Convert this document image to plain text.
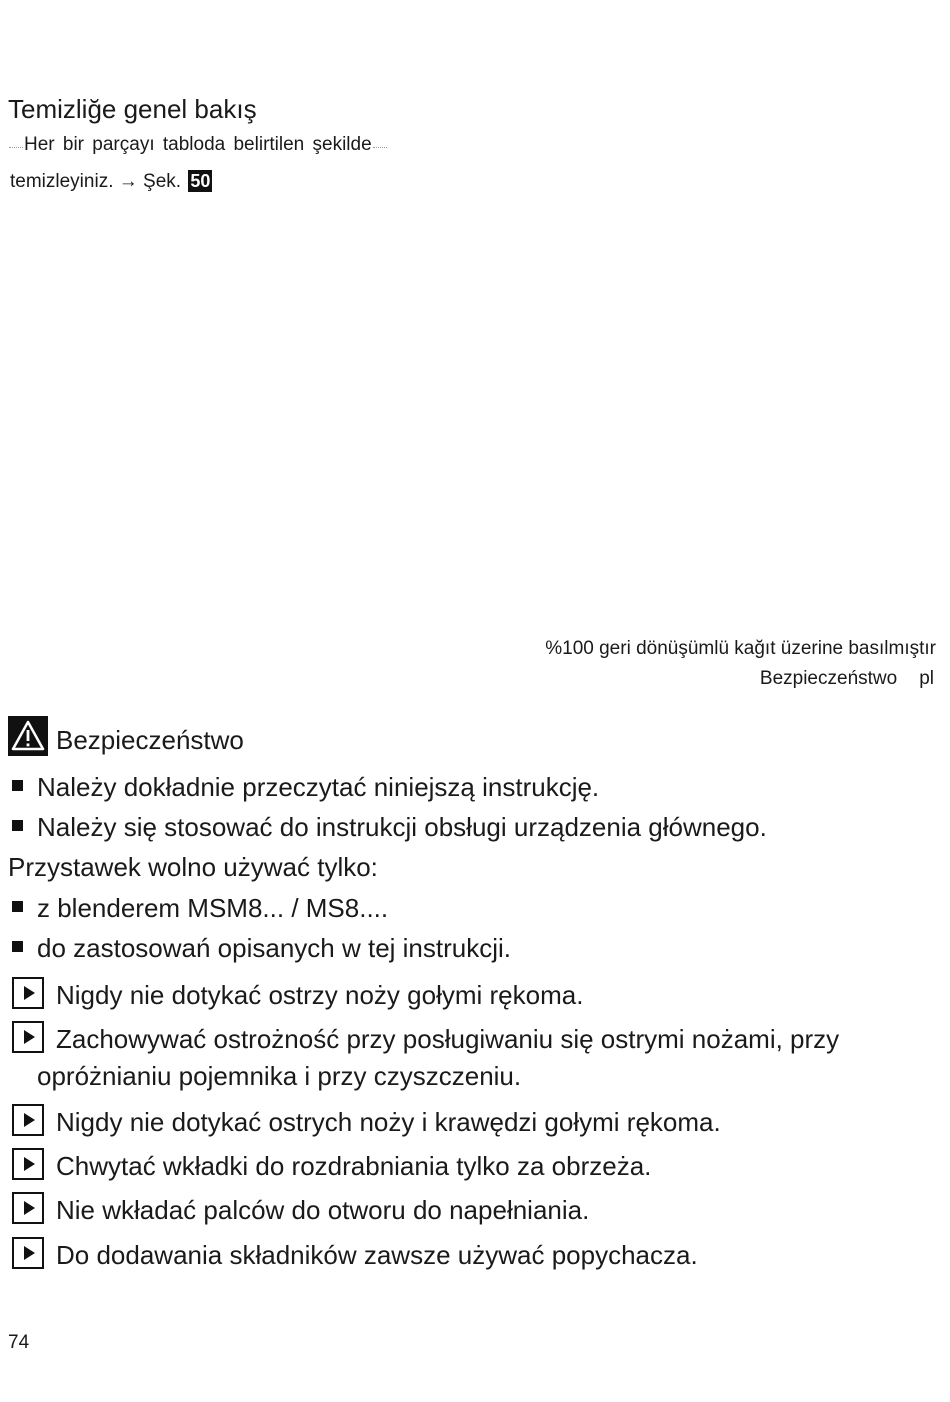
Temizliğe genel bakış
Her bir parçayı tabloda belirtilen şekilde
temizleyiniz. → Şek. 50
%100 geri dönüşümlü kağıt üzerine basılmıştır
Bezpieczeństwo pl
Bezpieczeństwo
Należy dokładnie przeczytać niniejszą instrukcję.
Należy się stosować do instrukcji obsługi urządzenia głównego.
Przystawek wolno używać tylko:
z blenderem MSM8... / MS8....
do zastosowań opisanych w tej instrukcji.
Nigdy nie dotykać ostrzy noży gołymi rękoma.
Zachowywać ostrożność przy posługiwaniu się ostrymi nożami, przy
opróżnianiu pojemnika i przy czyszczeniu.
Nigdy nie dotykać ostrych noży i krawędzi gołymi rękoma.
Chwytać wkładki do rozdrabniania tylko za obrzeża.
Nie wkładać palców do otworu do napełniania.
Do dodawania składników zawsze używać popychacza.
74
